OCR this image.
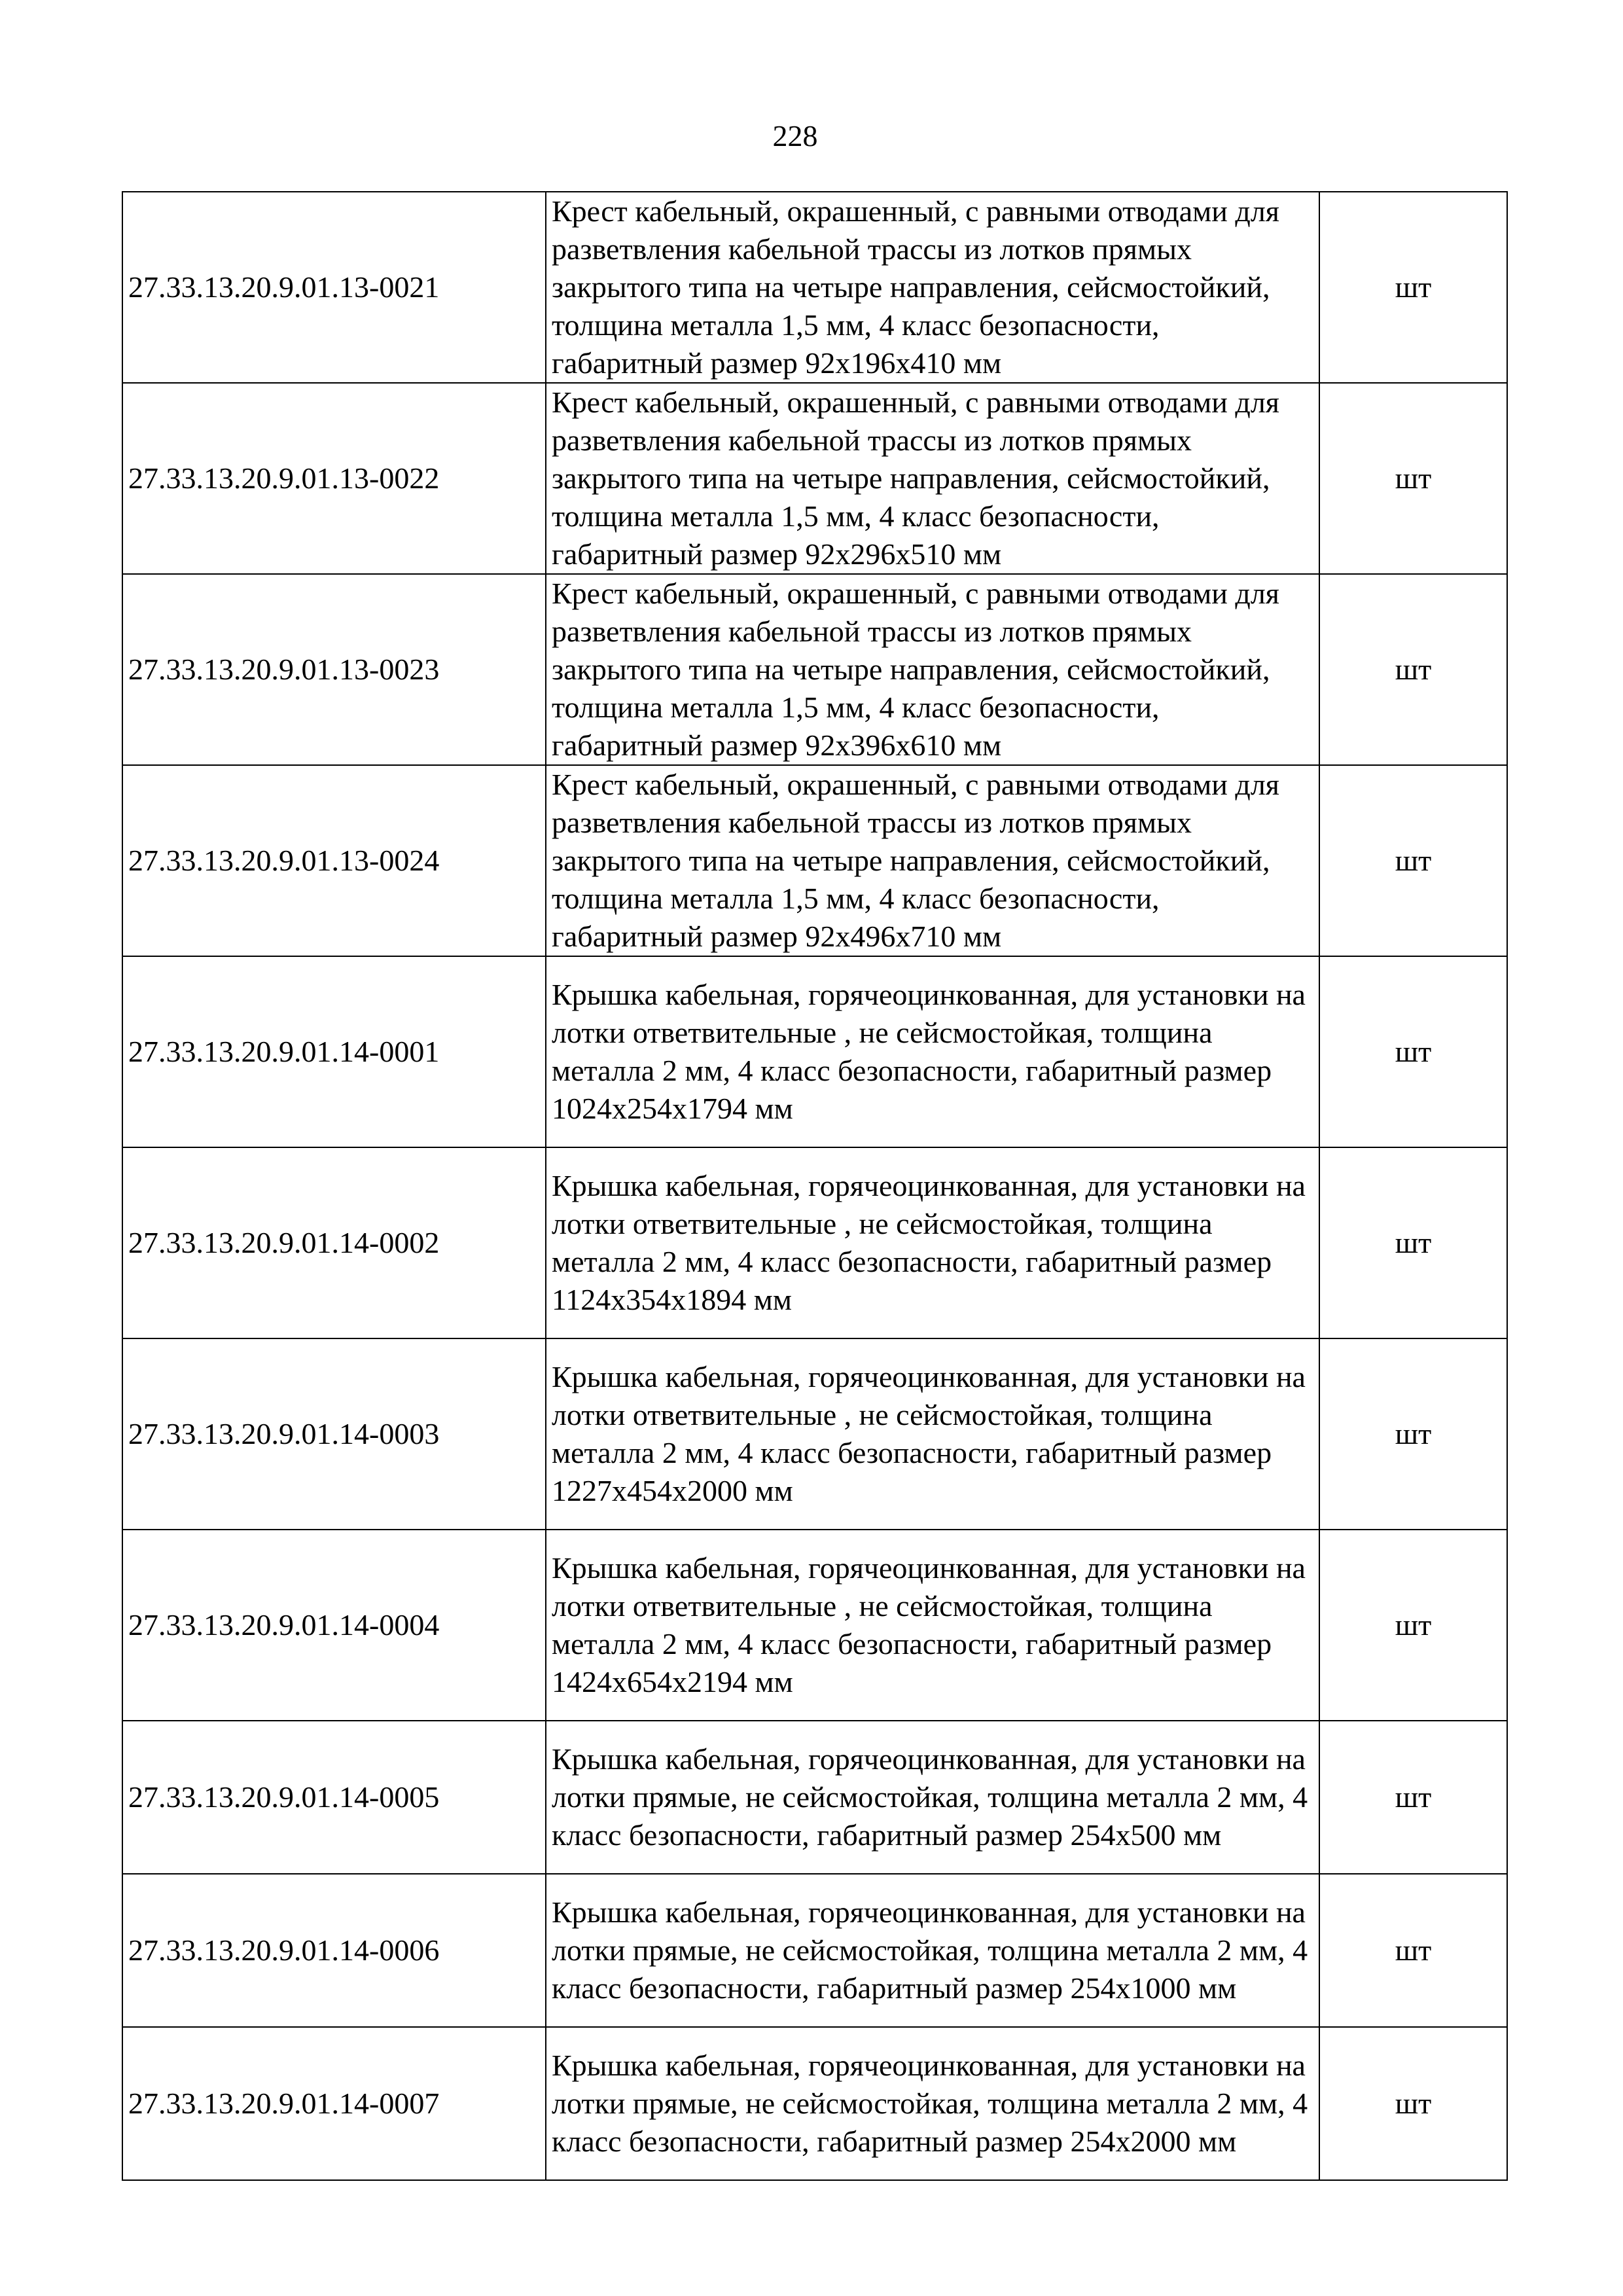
228
27.33.13.20.9.01.13-0021	Крест кабельный, окрашенный, с равными отводами для разветвления кабельной трассы из лотков прямых закрытого типа на четыре направления, сейсмостойкий, толщина металла 1,5 мм, 4 класс безопасности, габаритный размер 92х196х410 мм	шт
27.33.13.20.9.01.13-0022	Крест кабельный, окрашенный, с равными отводами для разветвления кабельной трассы из лотков прямых закрытого типа на четыре направления, сейсмостойкий, толщина металла 1,5 мм, 4 класс безопасности, габаритный размер 92х296х510 мм	шт
27.33.13.20.9.01.13-0023	Крест кабельный, окрашенный, с равными отводами для разветвления кабельной трассы из лотков прямых закрытого типа на четыре направления, сейсмостойкий, толщина металла 1,5 мм, 4 класс безопасности, габаритный размер 92х396х610 мм	шт
27.33.13.20.9.01.13-0024	Крест кабельный, окрашенный, с равными отводами для разветвления кабельной трассы из лотков прямых закрытого типа на четыре направления, сейсмостойкий, толщина металла 1,5 мм, 4 класс безопасности, габаритный размер 92х496х710 мм	шт
27.33.13.20.9.01.14-0001	Крышка кабельная, горячеоцинкованная, для установки на лотки ответвительные , не сейсмостойкая, толщина металла 2 мм, 4 класс безопасности, габаритный размер 1024х254х1794 мм	шт
27.33.13.20.9.01.14-0002	Крышка кабельная, горячеоцинкованная, для установки на лотки ответвительные , не сейсмостойкая, толщина металла 2 мм, 4 класс безопасности, габаритный размер 1124х354х1894 мм	шт
27.33.13.20.9.01.14-0003	Крышка кабельная, горячеоцинкованная, для установки на лотки ответвительные , не сейсмостойкая, толщина металла 2 мм, 4 класс безопасности, габаритный размер 1227х454х2000 мм	шт
27.33.13.20.9.01.14-0004	Крышка кабельная, горячеоцинкованная, для установки на лотки ответвительные , не сейсмостойкая, толщина металла 2 мм, 4 класс безопасности, габаритный размер 1424х654х2194 мм	шт
27.33.13.20.9.01.14-0005	Крышка кабельная, горячеоцинкованная, для установки на лотки прямые, не сейсмостойкая, толщина металла 2 мм, 4 класс безопасности, габаритный размер 254х500 мм	шт
27.33.13.20.9.01.14-0006	Крышка кабельная, горячеоцинкованная, для установки на лотки прямые, не сейсмостойкая, толщина металла 2 мм, 4 класс безопасности, габаритный размер 254х1000 мм	шт
27.33.13.20.9.01.14-0007	Крышка кабельная, горячеоцинкованная, для установки на лотки прямые, не сейсмостойкая, толщина металла 2 мм, 4 класс безопасности, габаритный размер 254х2000 мм	шт
